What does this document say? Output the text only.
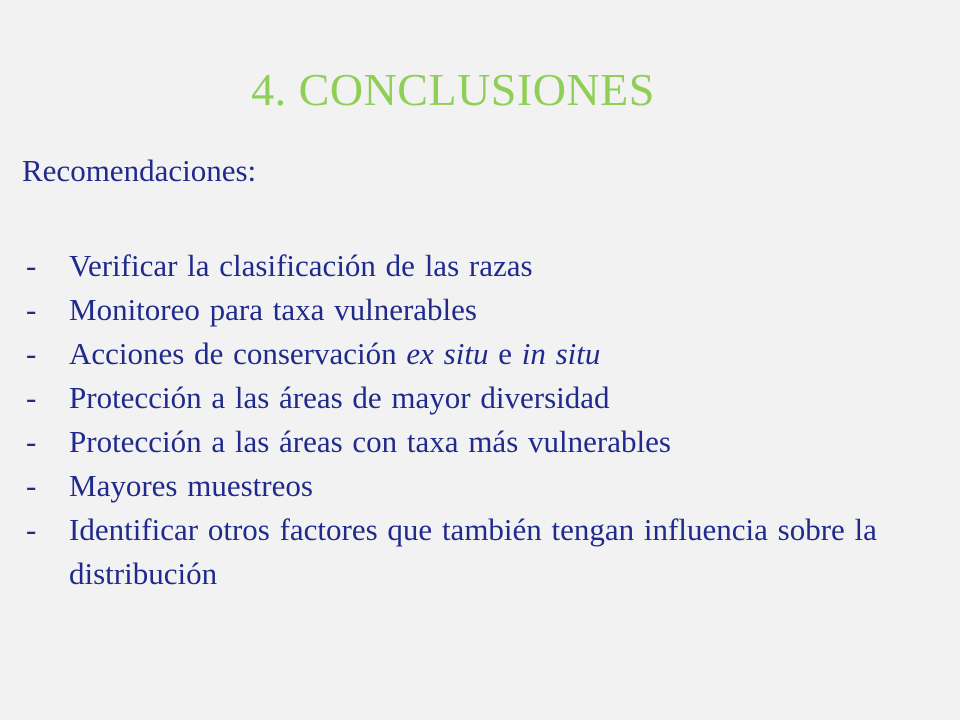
4. CONCLUSIONES
Recomendaciones:
- Verificar la clasificación de las razas
- Monitoreo para taxa vulnerables
- Acciones de conservación ex situ e in situ
- Protección a las áreas de mayor diversidad
- Protección a las áreas con taxa más vulnerables
- Mayores muestreos
- Identificar otros factores que también tengan influencia sobre la distribución
